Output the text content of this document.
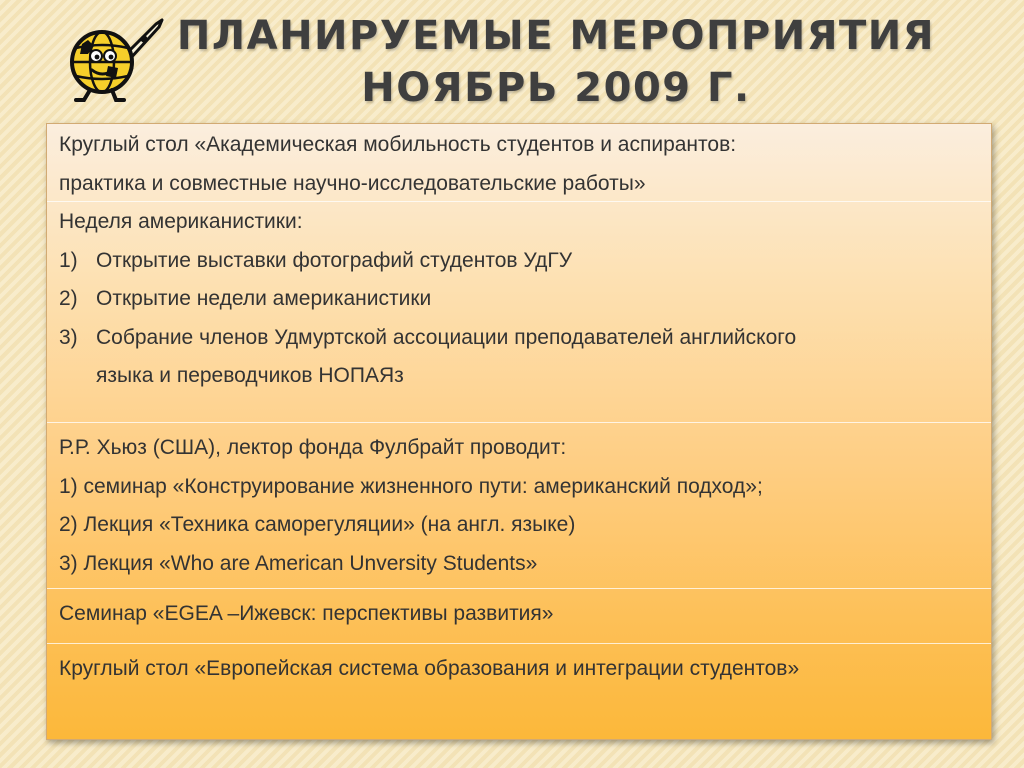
ПЛАНИРУЕМЫЕ МЕРОПРИЯТИЯ
НОЯБРЬ 2009 Г.
Круглый стол «Академическая мобильность студентов и аспирантов:
практика и совместные научно-исследовательские работы»
Неделя американистики:
1) Открытие выставки фотографий студентов УдГУ
2) Открытие недели американистики
3) Собрание членов Удмуртской ассоциации преподавателей английского
языка и переводчиков НОПАЯз
Р.Р. Хьюз (США), лектор фонда Фулбрайт проводит:
1) семинар «Конструирование жизненного пути: американский подход»;
2) Лекция «Техника саморегуляции» (на англ. языке)
3) Лекция «Who are American Unversity Students»
Семинар «EGEA –Ижевск: перспективы развития»
Круглый стол «Европейская система образования и интеграции студентов»
